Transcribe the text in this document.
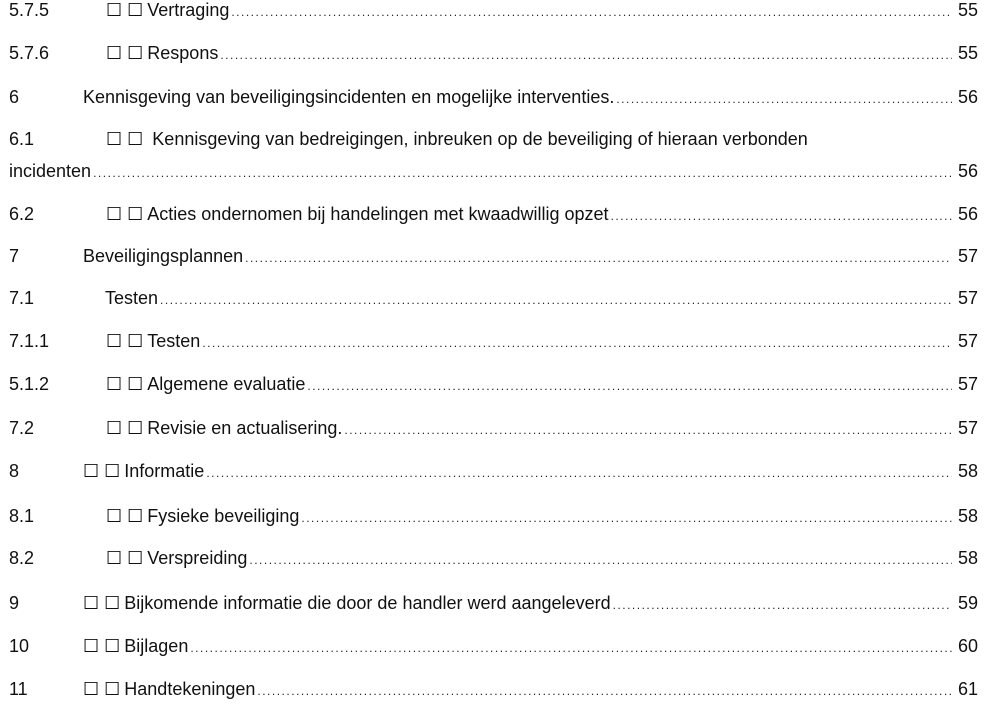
5.7.5	☐ ☐ Vertraging .....	55
5.7.6	☐ ☐ Respons .....	55
6	Kennisgeving van beveiligingsincidenten en mogelijke interventies. .....	56
6.1	☐ ☐ Kennisgeving van bedreigingen, inbreuken op de beveiliging of hieraan verbonden
incidenten .....	56
6.2	☐ ☐ Acties ondernomen bij handelingen met kwaadwillig opzet .....	56
7	Beveiligingsplannen .....	57
7.1	Testen .....	57
7.1.1	☐ ☐ Testen .....	57
5.1.2	☐ ☐ Algemene evaluatie .....	57
7.2	☐ ☐ Revisie en actualisering. .....	57
8	☐ ☐ Informatie .....	58
8.1	☐ ☐ Fysieke beveiliging .....	58
8.2	☐ ☐ Verspreiding .....	58
9	☐ ☐ Bijkomende informatie die door de handler werd aangeleverd .....	59
10	☐ ☐ Bijlagen .....	60
11	☐ ☐ Handtekeningen .....	61
